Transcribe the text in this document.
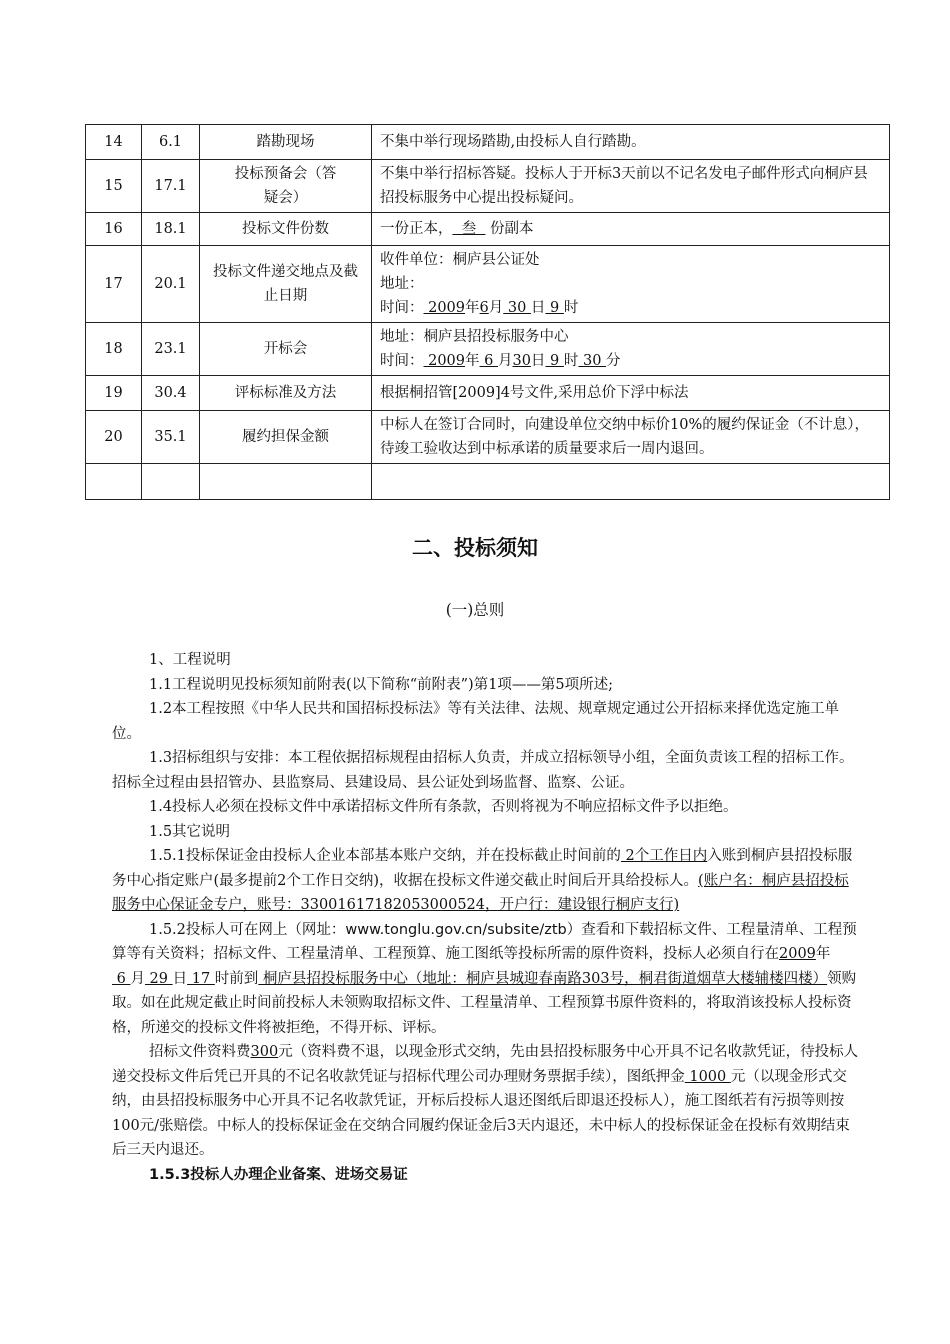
14	6.1	踏勘现场	不集中举行现场踏勘,由投标人自行踏勘。
15	17.1	投标预备会（答疑会）	不集中举行招标答疑。投标人于开标3天前以不记名发电子邮件形式向桐庐县招投标服务中心提出投标疑问。
16	18.1	投标文件份数	一份正本，  叁   份副本
17	20.1	投标文件递交地点及截止日期	收件单位：桐庐县公证处
地址：
时间： 2009年6月 30 日 9 时

18	23.1	开标会	地址：桐庐县招投标服务中心
时间： 2009年 6 月30日 9 时 30 分

19	30.4	评标标准及方法	根据桐招管[2009]4号文件,采用总价下浮中标法
20	35.1	履约担保金额	中标人在签订合同时，向建设单位交纳中标价10%的履约保证金（不计息），待竣工验收达到中标承诺的质量要求后一周内退回。

二、投标须知
(一)总则

1、工程说明

1.1工程说明见投标须知前附表(以下简称“前附表”)第1项——第5项所述;

1.2本工程按照《中华人民共和国招标投标法》等有关法律、法规、规章规定通过公开招标来择优选定施工单位。

1.3招标组织与安排：本工程依据招标规程由招标人负责，并成立招标领导小组，全面负责该工程的招标工作。招标全过程由县招管办、县监察局、县建设局、县公证处到场监督、监察、公证。

1.4投标人必须在投标文件中承诺招标文件所有条款，否则将视为不响应招标文件予以拒绝。

1.5其它说明

1.5.1投标保证金由投标人企业本部基本账户交纳，并在投标截止时间前的 2个工作日内入账到桐庐县招投标服务中心指定账户(最多提前2个工作日交纳)，收据在投标文件递交截止时间后开具给投标人。(账户名：桐庐县招投标服务中心保证金专户，账号：33001617182053000524，开户行：建设银行桐庐支行)

1.5.2投标人可在网上（网址：www.tonglu.gov.cn/subsite/ztb）查看和下载招标文件、工程量清单、工程预算等有关资料；招标文件、工程量清单、工程预算、施工图纸等投标所需的原件资料，投标人必须自行在2009年 6 月 29 日 17 时前到 桐庐县招投标服务中心（地址：桐庐县城迎春南路303号，桐君街道烟草大楼辅楼四楼）领购取。如在此规定截止时间前投标人未领购取招标文件、工程量清单、工程预算书原件资料的，将取消该投标人投标资格，所递交的投标文件将被拒绝，不得开标、评标。

招标文件资料费300元（资料费不退，以现金形式交纳，先由县招投标服务中心开具不记名收款凭证，待投标人递交投标文件后凭已开具的不记名收款凭证与招标代理公司办理财务票据手续），图纸押金 1000 元（以现金形式交纳，由县招投标服务中心开具不记名收款凭证，开标后投标人退还图纸后即退还投标人），施工图纸若有污损等则按100元/张赔偿。中标人的投标保证金在交纳合同履约保证金后3天内退还，未中标人的投标保证金在投标有效期结束后三天内退还。

1.5.3投标人办理企业备案、进场交易证
